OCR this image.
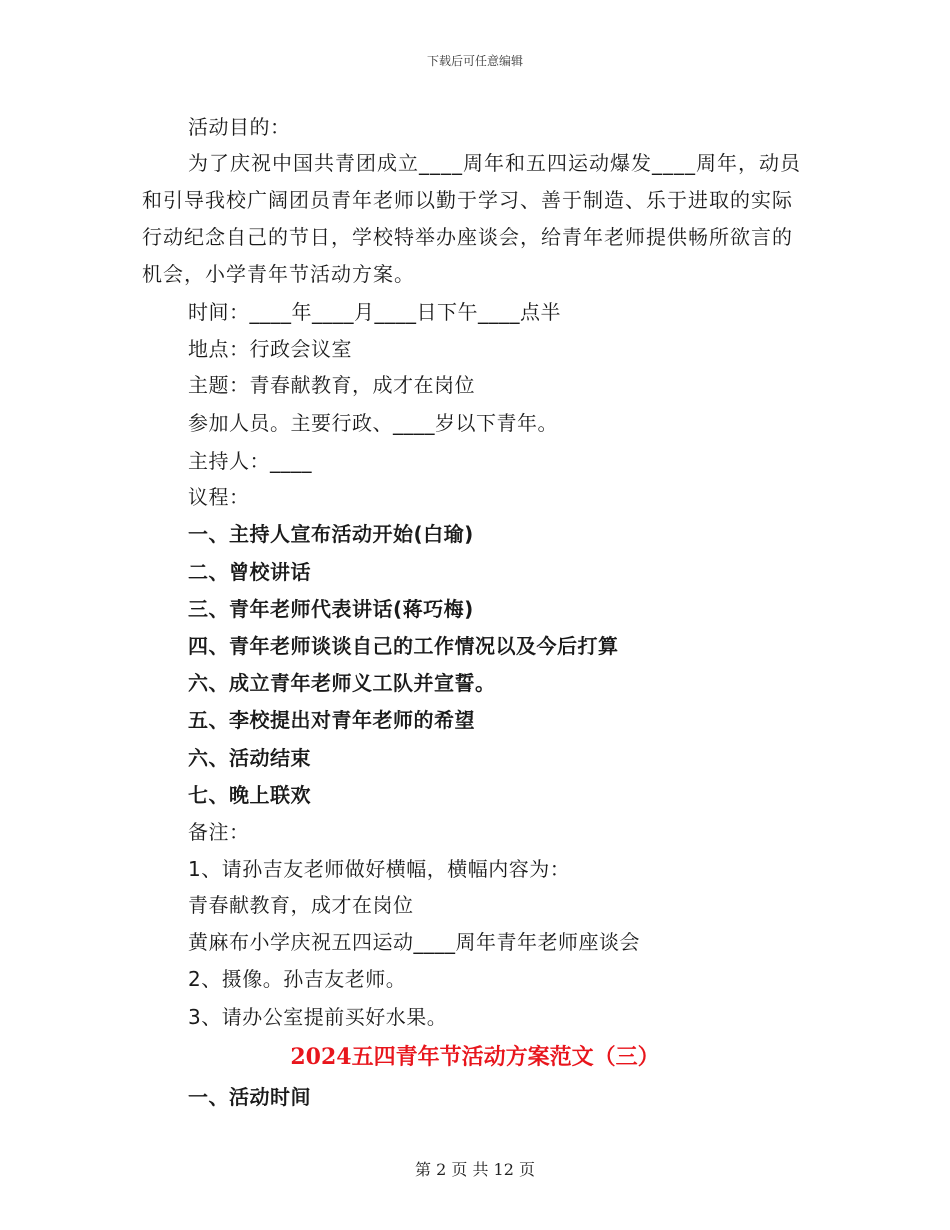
下载后可任意编辑
活动目的：
为了庆祝中国共青团成立____周年和五四运动爆发____周年，动员和引导我校广阔团员青年老师以勤于学习、善于制造、乐于进取的实际行动纪念自己的节日，学校特举办座谈会，给青年老师提供畅所欲言的机会，小学青年节活动方案。
时间：____年____月____日下午____点半
地点：行政会议室
主题：青春献教育，成才在岗位
参加人员。主要行政、____岁以下青年。
主持人：____
议程：
一、主持人宣布活动开始(白瑜)
二、曾校讲话
三、青年老师代表讲话(蒋巧梅)
四、青年老师谈谈自己的工作情况以及今后打算
六、成立青年老师义工队并宣誓。
五、李校提出对青年老师的希望
六、活动结束
七、晚上联欢
备注：
1、请孙吉友老师做好横幅，横幅内容为：
青春献教育，成才在岗位
黄麻布小学庆祝五四运动____周年青年老师座谈会
2、摄像。孙吉友老师。
3、请办公室提前买好水果。
2024五四青年节活动方案范文（三）
一、活动时间
第 2 页 共 12 页
